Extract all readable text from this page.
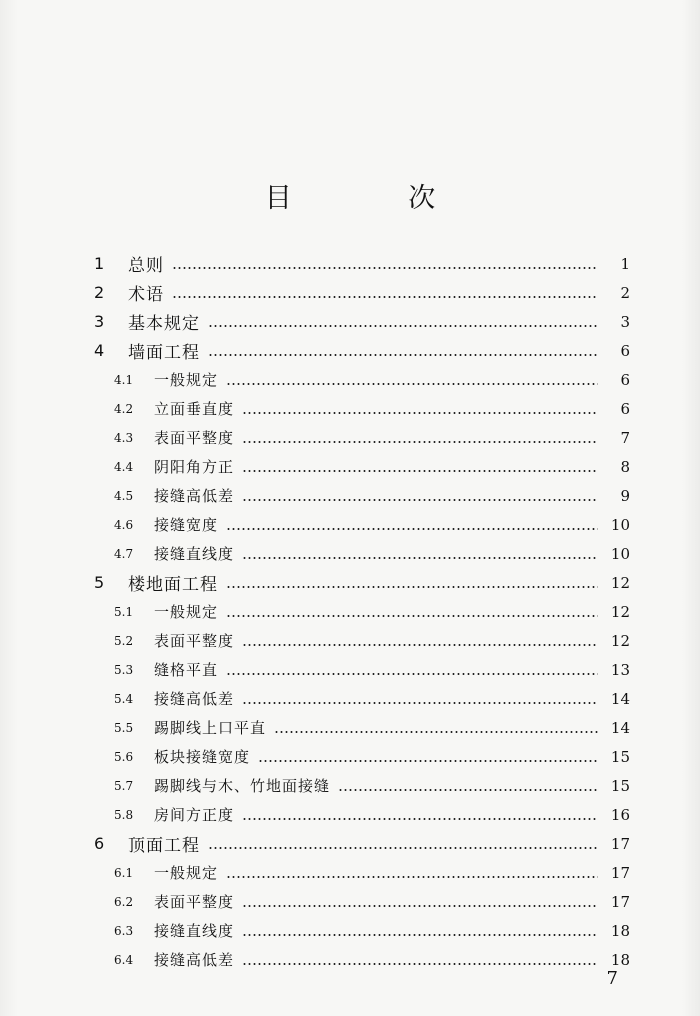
目 次
1	总则	1
2	术语	2
3	基本规定	3
4	墙面工程	6
4.1	一般规定	6
4.2	立面垂直度	6
4.3	表面平整度	7
4.4	阴阳角方正	8
4.5	接缝高低差	9
4.6	接缝宽度	10
4.7	接缝直线度	10
5	楼地面工程	12
5.1	一般规定	12
5.2	表面平整度	12
5.3	缝格平直	13
5.4	接缝高低差	14
5.5	踢脚线上口平直	14
5.6	板块接缝宽度	15
5.7	踢脚线与木、竹地面接缝	15
5.8	房间方正度	16
6	顶面工程	17
6.1	一般规定	17
6.2	表面平整度	17
6.3	接缝直线度	18
6.4	接缝高低差	18
7
